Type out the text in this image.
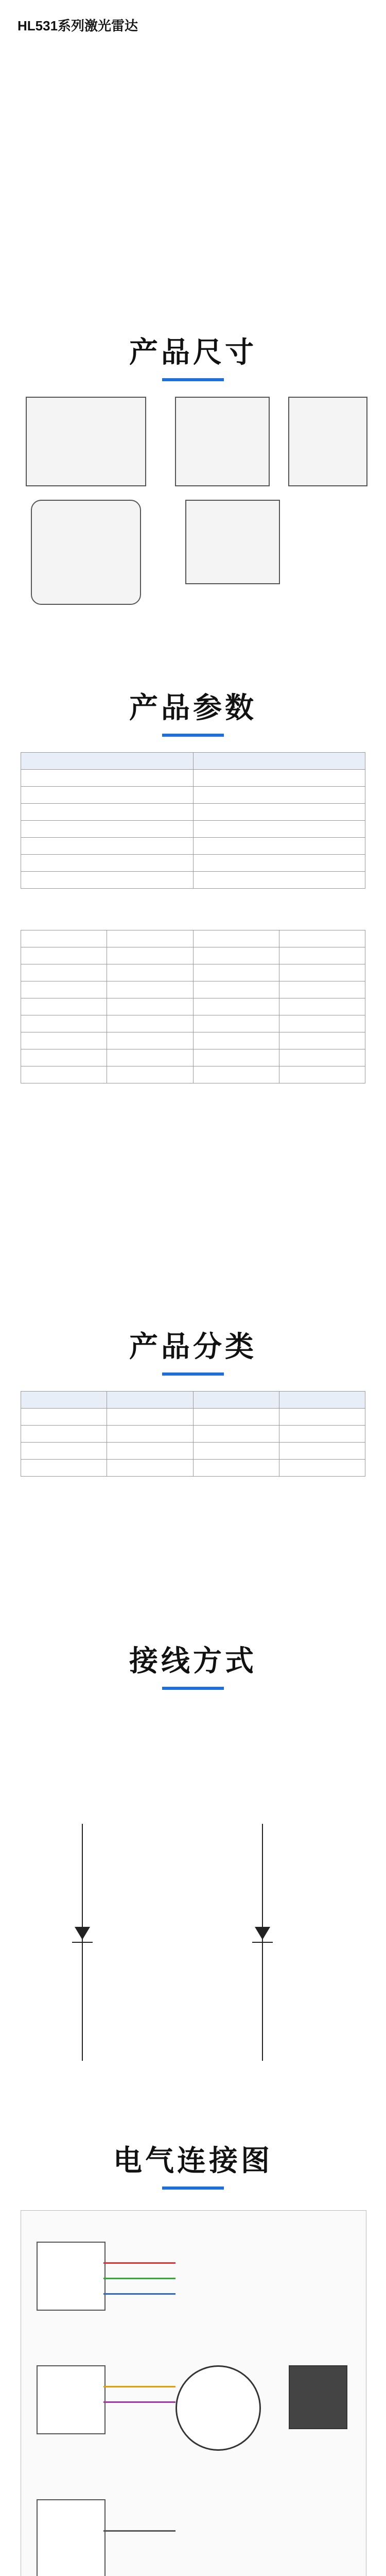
HL531系列激光雷达
产品尺寸
产品参数

产品分类

接线方式
电气连接图
